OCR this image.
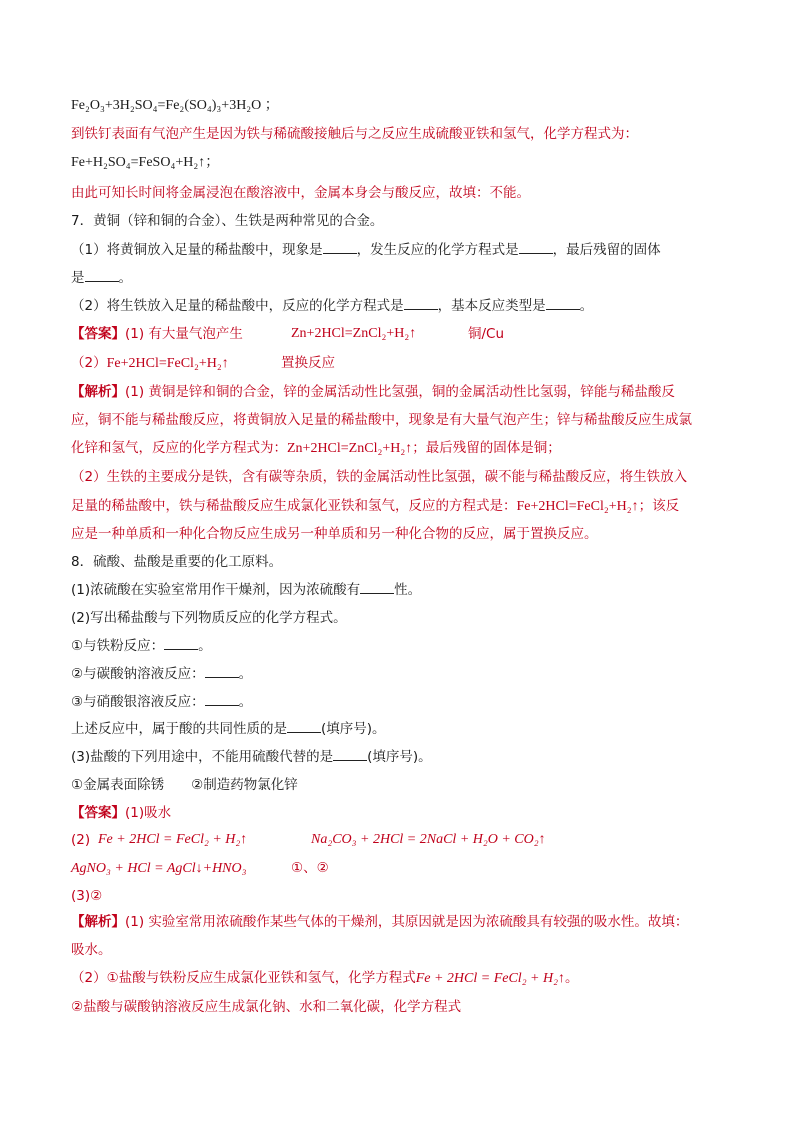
Fe₂O₃+3H₂SO₄=Fe₂(SO₄)₃+3H₂O ；
到铁钉表面有气泡产生是因为铁与稀硫酸接触后与之反应生成硫酸亚铁和氢气，化学方程式为：
Fe+H₂SO₄=FeSO₄+H₂↑；
由此可知长时间将金属浸泡在酸溶液中，金属本身会与酸反应，故填：不能。
7．黄铜（锌和铜的合金）、生铁是两种常见的合金。
（1）将黄铜放入足量的稀盐酸中，现象是	，发生反应的化学方程式是	，最后残留的固体
是	。
（2）将生铁放入足量的稀盐酸中，反应的化学方程式是	，基本反应类型是	。
【答案】(1) 有大量气泡产生	Zn+2HCl=ZnCl₂+H₂↑	铜/Cu
（2）Fe+2HCl=FeCl₂+H₂↑	置换反应
【解析】(1) 黄铜是锌和铜的合金，锌的金属活动性比氢强，铜的金属活动性比氢弱，锌能与稀盐酸反
应，铜不能与稀盐酸反应，将黄铜放入足量的稀盐酸中，现象是有大量气泡产生；锌与稀盐酸反应生成氯
化锌和氢气，反应的化学方程式为：Zn+2HCl=ZnCl₂+H₂↑；最后残留的固体是铜；
（2）生铁的主要成分是铁，含有碳等杂质，铁的金属活动性比氢强，碳不能与稀盐酸反应，将生铁放入
足量的稀盐酸中，铁与稀盐酸反应生成氯化亚铁和氢气，反应的方程式是：Fe+2HCl=FeCl₂+H₂↑；该反
应是一种单质和一种化合物反应生成另一种单质和另一种化合物的反应，属于置换反应。
8．硫酸、盐酸是重要的化工原料。
(1)浓硫酸在实验室常用作干燥剂，因为浓硫酸有	性。
(2)写出稀盐酸与下列物质反应的化学方程式。
①与铁粉反应：	。
②与碳酸钠溶液反应：	。
③与硝酸银溶液反应：	。
上述反应中，属于酸的共同性质的是	(填序号)。
(3)盐酸的下列用途中，不能用硫酸代替的是	(填序号)。
①金属表面除锈　　②制造药物氯化锌
【答案】(1)吸水
(2) Fe + 2HCl = FeCl₂ + H₂↑	Na₂CO₃ + 2HCl = 2NaCl + H₂O + CO₂↑
AgNO₃ + HCl = AgCl↓+HNO₃	①、②
(3)②
【解析】(1) 实验室常用浓硫酸作某些气体的干燥剂，其原因就是因为浓硫酸具有较强的吸水性。故填：
吸水。
（2）①盐酸与铁粉反应生成氯化亚铁和氢气，化学方程式Fe + 2HCl = FeCl₂ + H₂↑。
②盐酸与碳酸钠溶液反应生成氯化钠、水和二氧化碳，化学方程式
